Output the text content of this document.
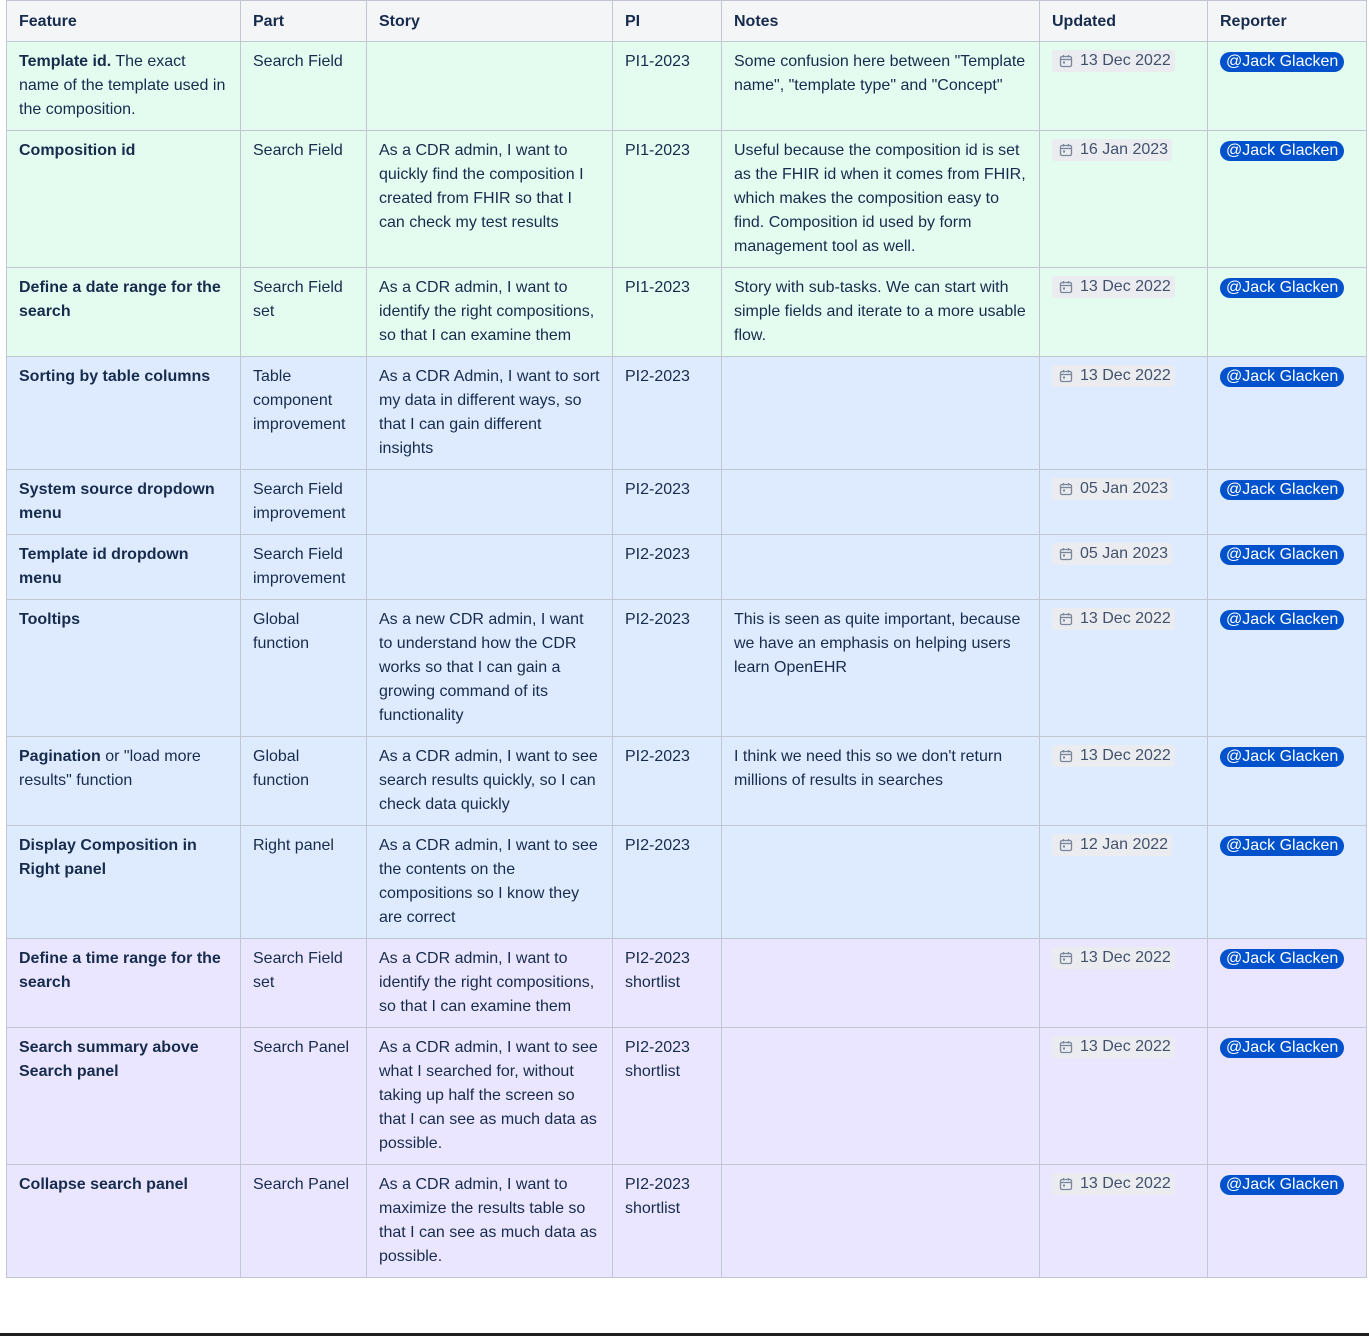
Feature	Part	Story	PI	Notes	Updated	Reporter
Template id. The exact name of the template used in the composition.	Search Field		PI1-2023	Some confusion here between "Template name", "template type" and "Concept"	13 Dec 2022	@Jack Glacken
Composition id	Search Field	As a CDR admin, I want to quickly find the composition I created from FHIR so that I can check my test results	PI1-2023	Useful because the composition id is set as the FHIR id when it comes from FHIR, which makes the composition easy to find. Composition id used by form management tool as well.	16 Jan 2023	@Jack Glacken
Define a date range for the search	Search Field set	As a CDR admin, I want to identify the right compositions, so that I can examine them	PI1-2023	Story with sub-tasks. We can start with simple fields and iterate to a more usable flow.	13 Dec 2022	@Jack Glacken
Sorting by table columns	Table component improvement	As a CDR Admin, I want to sort my data in different ways, so that I can gain different insights	PI2-2023		13 Dec 2022	@Jack Glacken
System source dropdown menu	Search Field improvement		PI2-2023		05 Jan 2023	@Jack Glacken
Template id dropdown menu	Search Field improvement		PI2-2023		05 Jan 2023	@Jack Glacken
Tooltips	Global function	As a new CDR admin, I want to understand how the CDR works so that I can gain a growing command of its functionality	PI2-2023	This is seen as quite important, because we have an emphasis on helping users learn OpenEHR	13 Dec 2022	@Jack Glacken
Pagination or "load more results" function	Global function	As a CDR admin, I want to see search results quickly, so I can check data quickly	PI2-2023	I think we need this so we don't return millions of results in searches	13 Dec 2022	@Jack Glacken
Display Composition in Right panel	Right panel	As a CDR admin, I want to see the contents on the compositions so I know they are correct	PI2-2023		12 Jan 2022	@Jack Glacken
Define a time range for the search	Search Field set	As a CDR admin, I want to identify the right compositions, so that I can examine them	PI2-2023 shortlist		13 Dec 2022	@Jack Glacken
Search summary above Search panel	Search Panel	As a CDR admin, I want to see what I searched for, without taking up half the screen so that I can see as much data as possible.	PI2-2023 shortlist		13 Dec 2022	@Jack Glacken
Collapse search panel	Search Panel	As a CDR admin, I want to maximize the results table so that I can see as much data as possible.	PI2-2023 shortlist		13 Dec 2022	@Jack Glacken
